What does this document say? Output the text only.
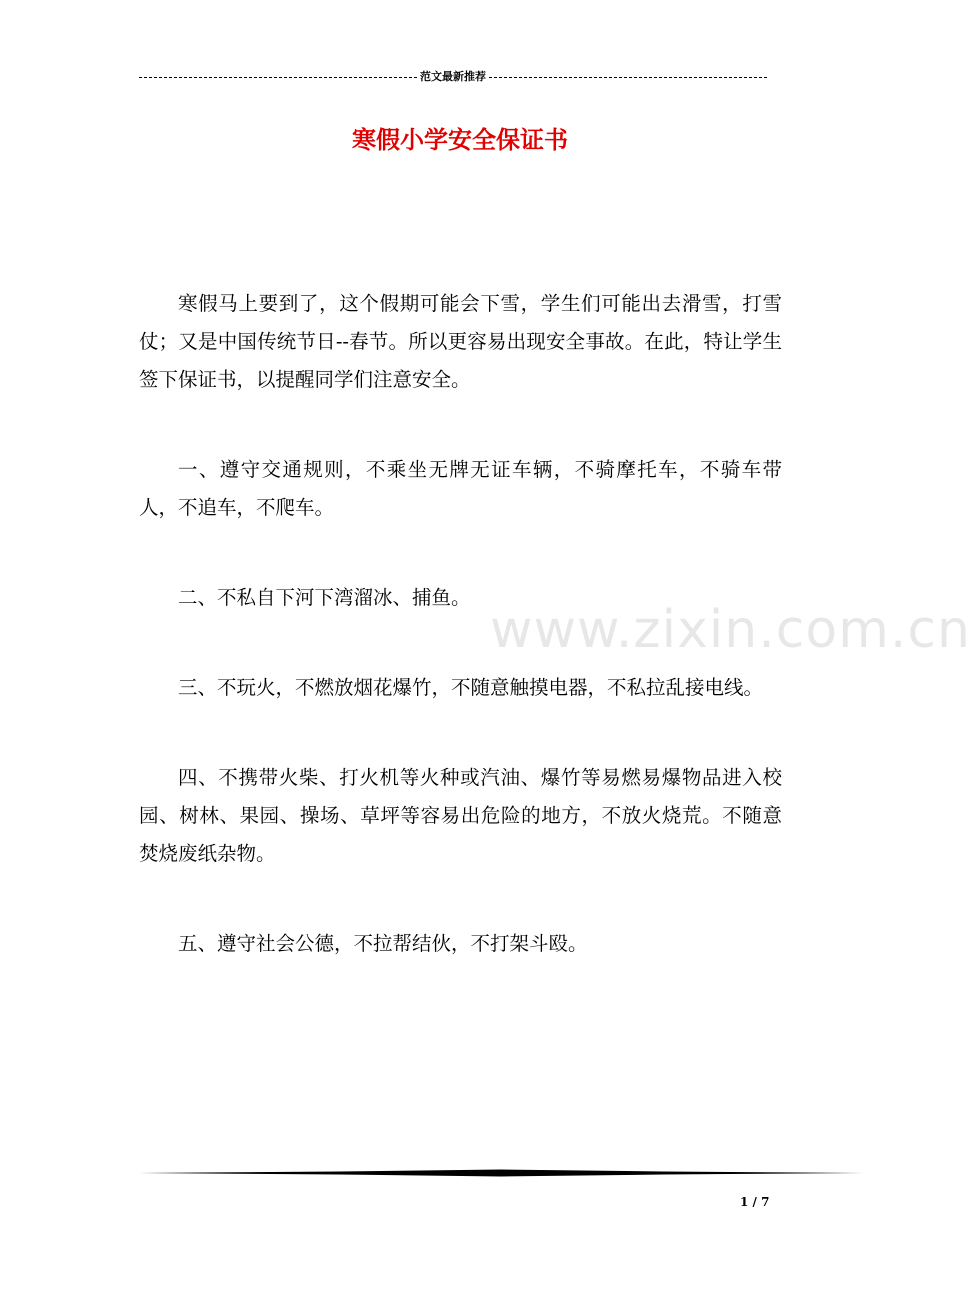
范文最新推荐
寒假小学安全保证书

寒假马上要到了，这个假期可能会下雪，学生们可能出去滑雪，打雪仗；又是中国传统节日--春节。所以更容易出现安全事故。在此，特让学生签下保证书，以提醒同学们注意安全。

一、遵守交通规则，不乘坐无牌无证车辆，不骑摩托车，不骑车带人，不追车，不爬车。

二、不私自下河下湾溜冰、捕鱼。

三、不玩火，不燃放烟花爆竹，不随意触摸电器，不私拉乱接电线。

四、不携带火柴、打火机等火种或汽油、爆竹等易燃易爆物品进入校园、树林、果园、操场、草坪等容易出危险的地方，不放火烧荒。不随意焚烧废纸杂物。

五、遵守社会公德，不拉帮结伙，不打架斗殴。

www.zixin.com.cn
1 / 7
